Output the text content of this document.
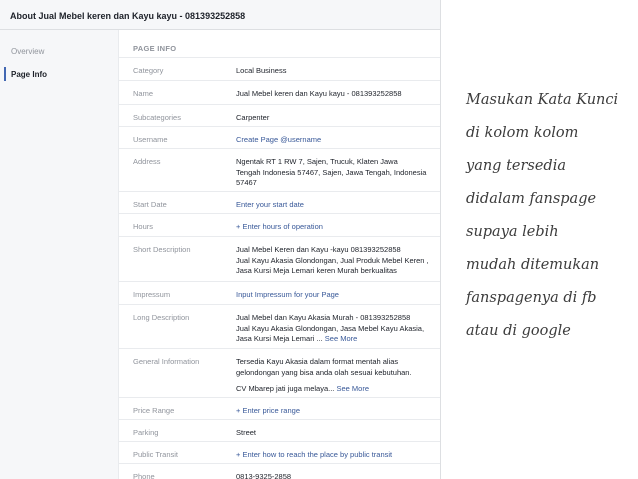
About Jual Mebel keren dan Kayu kayu - 081393252858
Overview
Page Info
PAGE INFO
Category	Local Business
Name	Jual Mebel keren dan Kayu kayu - 081393252858
Subcategories	Carpenter
Username	Create Page @username
Address	Ngentak RT 1 RW 7, Sajen, Trucuk, Klaten Jawa
Tengah Indonesia 57467, Sajen, Jawa Tengah, Indonesia
57467
Start Date	Enter your start date
Hours	+ Enter hours of operation
Short Description	Jual Mebel Keren dan Kayu -kayu 081393252858
Jual Kayu Akasia Glondongan, Jual Produk Mebel Keren ,
Jasa Kursi Meja Lemari keren Murah berkualitas
Impressum	Input Impressum for your Page
Long Description	Jual Mebel dan Kayu Akasia Murah - 081393252858
Jual Kayu Akasia Glondongan, Jasa Mebel Kayu Akasia,
Jasa Kursi Meja Lemari ... See More
General Information	Tersedia Kayu Akasia dalam format mentah alias
gelondongan yang bisa anda olah sesuai kebutuhan.
CV Mbarep jati juga melaya... See More
Price Range	+ Enter price range
Parking	Street
Public Transit	+ Enter how to reach the place by public transit
Phone	0813-9325-2858
Masukan Kata Kunci
di kolom kolom
yang tersedia
didalam fanspage
supaya lebih
mudah ditemukan
fanspagenya di fb
atau di google
